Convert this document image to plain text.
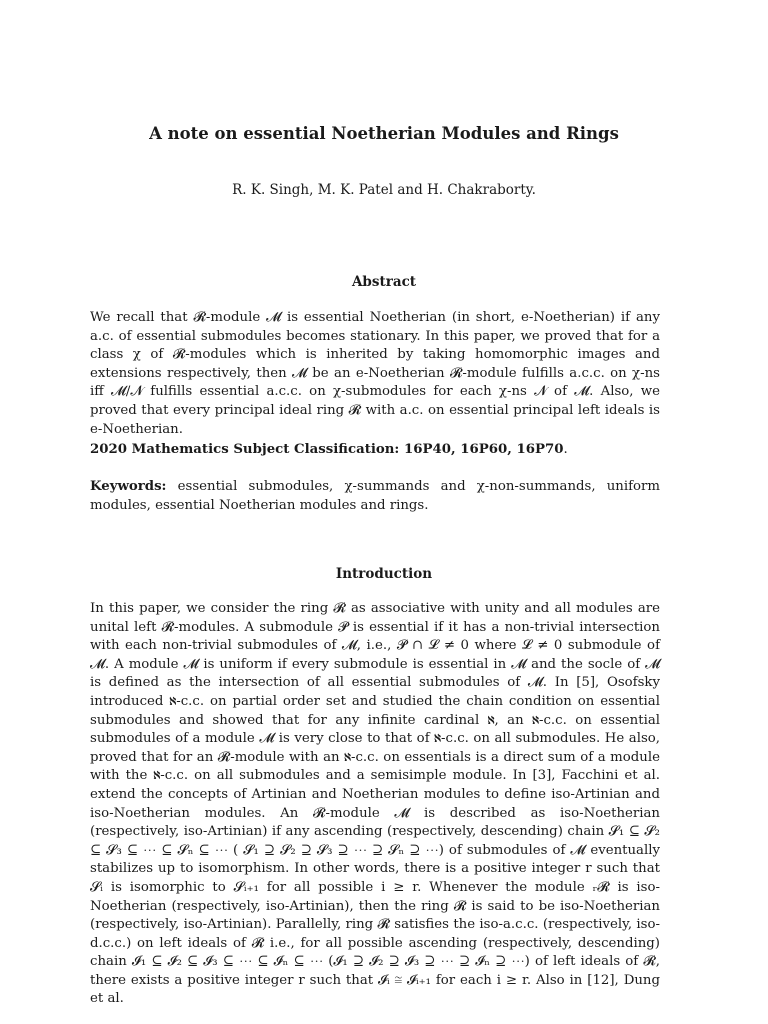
A note on essential Noetherian Modules and Rings
R. K. Singh, M. K. Patel and H. Chakraborty.
Abstract

We recall that 𝓡-module 𝓜 is essential Noetherian (in short, e-Noetherian) if any a.c. of essential submodules becomes stationary. In this paper, we proved that for a class χ of 𝓡-modules which is inherited by taking homomorphic images and extensions respectively, then 𝓜 be an e-Noetherian 𝓡-module fulfills a.c.c. on χ-ns iff 𝓜/𝓝 fulfills essential a.c.c. on χ-submodules for each χ-ns 𝓝 of 𝓜. Also, we proved that every principal ideal ring 𝓡 with a.c. on essential principal left ideals is e-Noetherian.

2020 Mathematics Subject Classification: 16P40, 16P60, 16P70.

Keywords: essential submodules, χ-summands and χ-non-summands, uniform modules, essential Noetherian modules and rings.

Introduction

In this paper, we consider the ring 𝓡 as associative with unity and all modules are unital left 𝓡-modules. A submodule 𝓟 is essential if it has a non-trivial intersection with each non-trivial submodules of 𝓜, i.e., 𝓟 ∩ 𝓛 ≠ 0 where 𝓛 ≠ 0 submodule of 𝓜. A module 𝓜 is uniform if every submodule is essential in 𝓜 and the socle of 𝓜 is defined as the intersection of all essential submodules of 𝓜. In [5], Osofsky introduced ℵ-c.c. on partial order set and studied the chain condition on essential submodules and showed that for any infinite cardinal ℵ, an ℵ-c.c. on essential submodules of a module 𝓜 is very close to that of ℵ-c.c. on all submodules. He also, proved that for an 𝓡-module with an ℵ-c.c. on essentials is a direct sum of a module with the ℵ-c.c. on all submodules and a semisimple module. In [3], Facchini et al. extend the concepts of Artinian and Noetherian modules to define iso-Artinian and iso-Noetherian modules. An 𝓡-module 𝓜 is described as iso-Noetherian (respectively, iso-Artinian) if any ascending (respectively, descending) chain 𝓢₁ ⊆ 𝓢₂ ⊆ 𝓢₃ ⊆ ⋯ ⊆ 𝓢ₙ ⊆ ⋯ ( 𝓢₁ ⊇ 𝓢₂ ⊇ 𝓢₃ ⊇ ⋯ ⊇ 𝓢ₙ ⊇ ⋯) of submodules of 𝓜 eventually stabilizes up to isomorphism. In other words, there is a positive integer r such that 𝓢ᵢ is isomorphic to 𝓢ᵢ₊₁ for all possible i ≥ r. Whenever the module ᵣ𝓡 is iso-Noetherian (respectively, iso-Artinian), then the ring 𝓡 is said to be iso-Noetherian (respectively, iso-Artinian). Parallelly, ring 𝓡 satisfies the iso-a.c.c. (respectively, iso-d.c.c.) on left ideals of 𝓡 i.e., for all possible ascending (respectively, descending) chain 𝓘₁ ⊆ 𝓘₂ ⊆ 𝓘₃ ⊆ ⋯ ⊆ 𝓘ₙ ⊆ ⋯ (𝓘₁ ⊇ 𝓘₂ ⊇ 𝓘₃ ⊇ ⋯ ⊇ 𝓘ₙ ⊇ ⋯) of left ideals of 𝓡, there exists a positive integer r such that 𝓘ᵢ ≅ 𝓘ᵢ₊₁ for each i ≥ r. Also in [12], Dung et al.
